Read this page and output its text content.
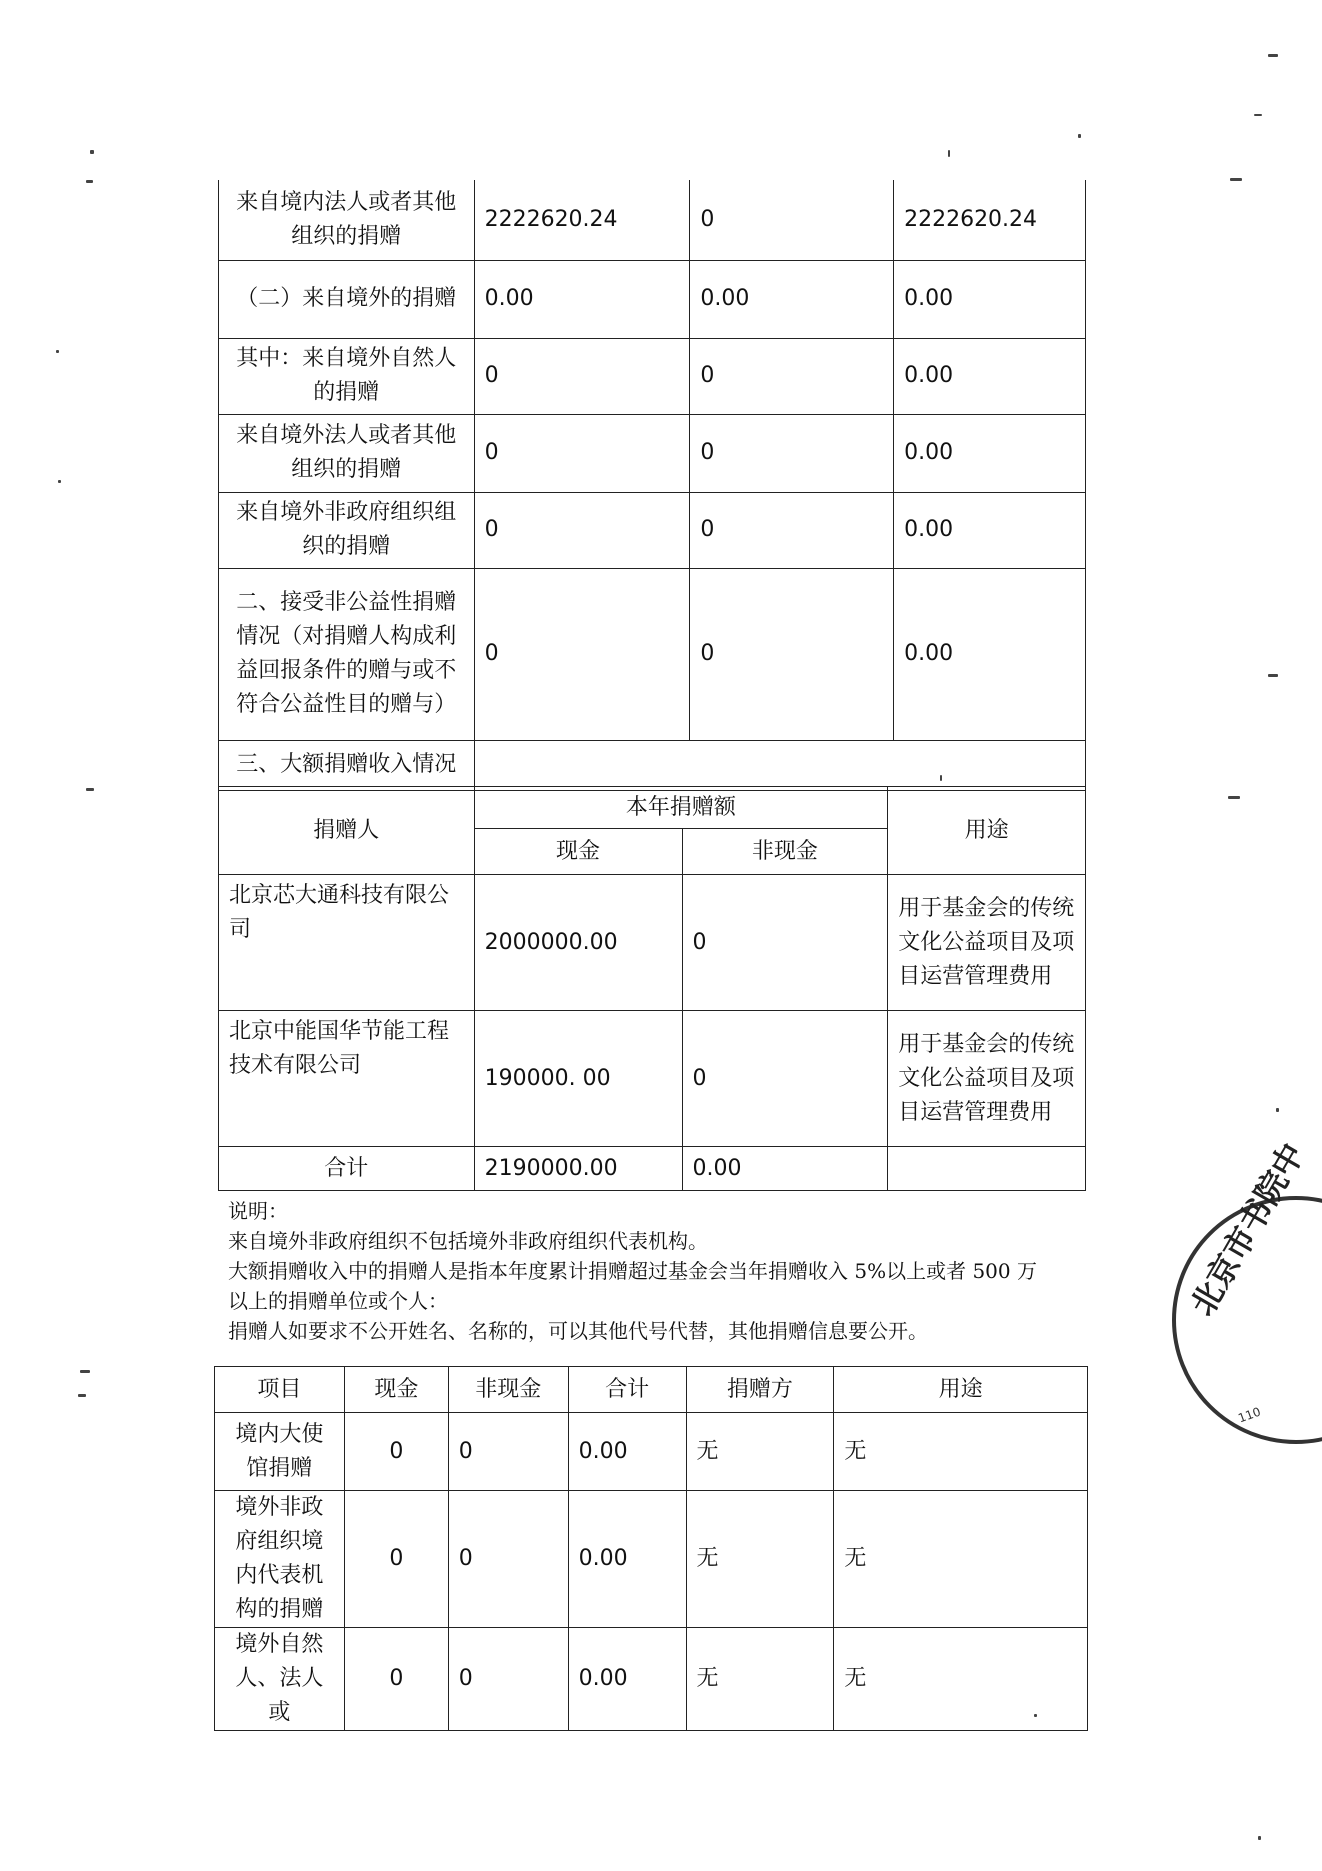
来自境内法人或者其他组织的捐赠	2222620.24	0	2222620.24
（二）来自境外的捐赠	0.00	0.00	0.00
其中：来自境外自然人的捐赠	0	0	0.00
来自境外法人或者其他组织的捐赠	0	0	0.00
来自境外非政府组织组织的捐赠	0	0	0.00
二、接受非公益性捐赠情况（对捐赠人构成利益回报条件的赠与或不符合公益性目的赠与）	0	0	0.00
三、大额捐赠收入情况			
捐赠人	本年捐赠额		用途
	现金	非现金	
北京芯大通科技有限公司	2000000.00	0	用于基金会的传统文化公益项目及项目运营管理费用
北京中能国华节能工程技术有限公司	190000. 00	0	用于基金会的传统文化公益项目及项目运营管理费用
合计	2190000.00	0.00	
说明：
来自境外非政府组织不包括境外非政府组织代表机构。
大额捐赠收入中的捐赠人是指本年度累计捐赠超过基金会当年捐赠收入 5%以上或者 500 万
以上的捐赠单位或个人：
捐赠人如要求不公开姓名、名称的，可以其他代号代替，其他捐赠信息要公开。
项目	现金	非现金	合计	捐赠方	用途
境内大使馆捐赠	0	0	0.00	无	无
境外非政府组织境内代表机构的捐赠	0	0	0.00	无	无
境外自然人、法人或	0	0	0.00	无	无
北京市书院中
110
